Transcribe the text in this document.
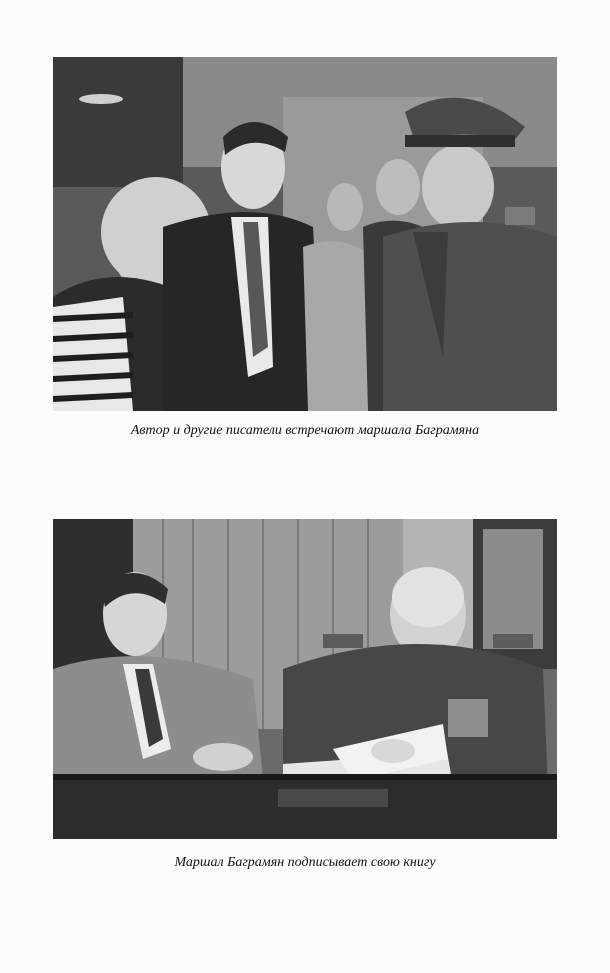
Автор и другие писатели встречают маршала Баграмяна
Маршал Баграмян подписывает свою книгу
